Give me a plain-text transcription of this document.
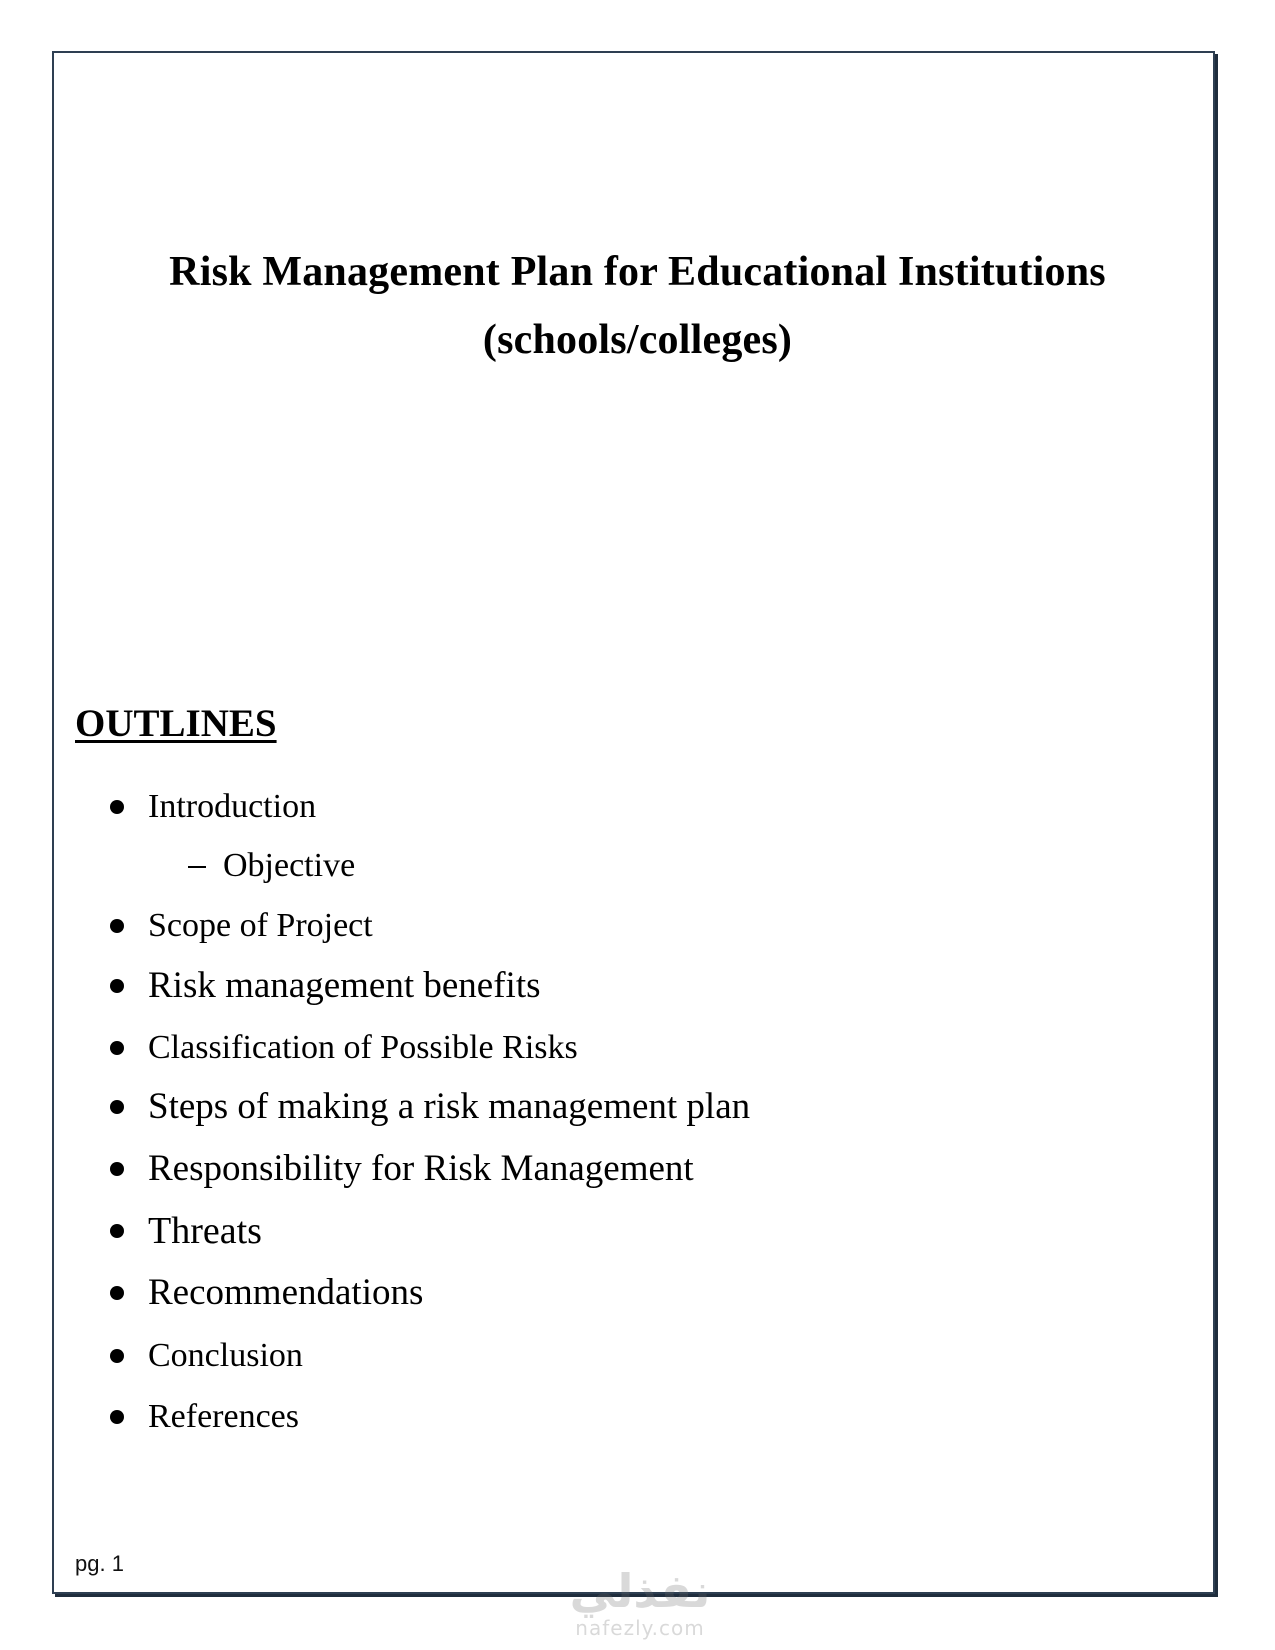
Risk Management Plan for Educational Institutions
(schools/colleges)
OUTLINES
Introduction
Objective
Scope of Project
Risk management benefits
Classification of Possible Risks
Steps of making a risk management plan
Responsibility for Risk Management
Threats
Recommendations
Conclusion
References
pg. 1
نفذلي
nafezly.com
